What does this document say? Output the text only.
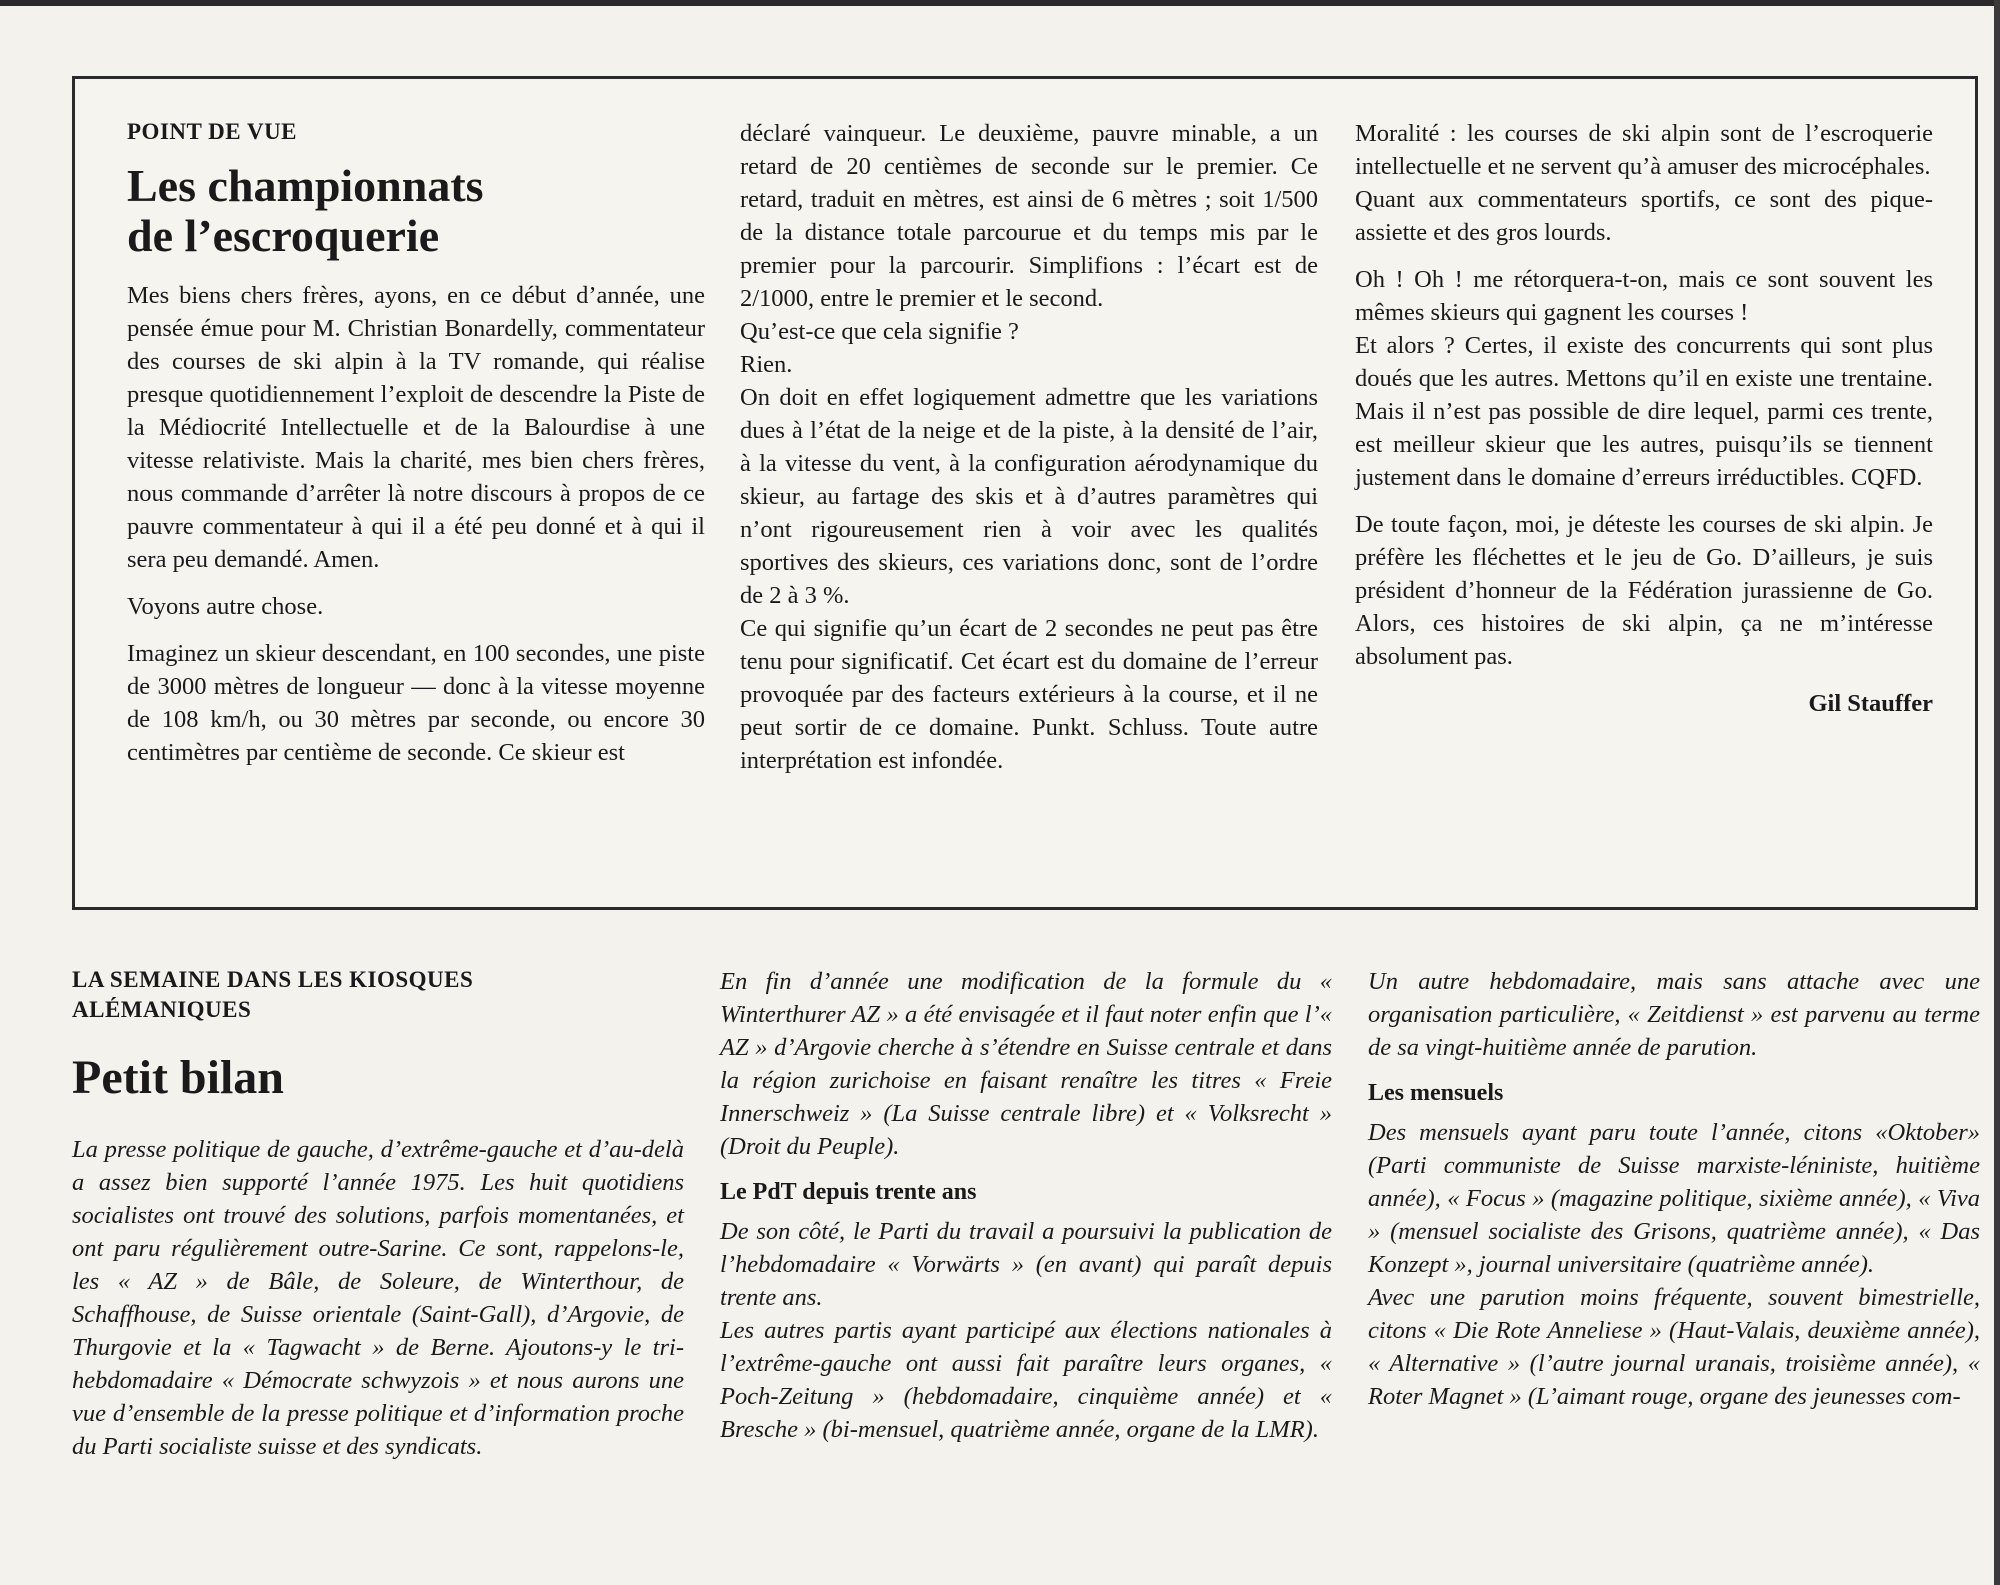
POINT DE VUE

Les championnats
de l’escroquerie

Mes biens chers frères, ayons, en ce début d’année, une pensée émue pour M. Christian Bonardelly, commentateur des courses de ski alpin à la TV romande, qui réalise presque quotidiennement l’exploit de descendre la Piste de la Médiocrité Intellectuelle et de la Balourdise à une vitesse relativiste. Mais la charité, mes bien chers frères, nous commande d’arrêter là notre discours à propos de ce pauvre commentateur à qui il a été peu donné et à qui il sera peu demandé. Amen.

Voyons autre chose.

Imaginez un skieur descendant, en 100 secondes, une piste de 3000 mètres de longueur — donc à la vitesse moyenne de 108 km/h, ou 30 mètres par seconde, ou encore 30 centimètres par centième de seconde. Ce skieur est

déclaré vainqueur. Le deuxième, pauvre minable, a un retard de 20 centièmes de seconde sur le premier. Ce retard, traduit en mètres, est ainsi de 6 mètres ; soit 1/500 de la distance totale parcourue et du temps mis par le premier pour la parcourir. Simplifions : l’écart est de 2/1000, entre le premier et le second.

Qu’est-ce que cela signifie ?

Rien.

On doit en effet logiquement admettre que les variations dues à l’état de la neige et de la piste, à la densité de l’air, à la vitesse du vent, à la configuration aérodynamique du skieur, au fartage des skis et à d’autres paramètres qui n’ont rigoureusement rien à voir avec les qualités sportives des skieurs, ces variations donc, sont de l’ordre de 2 à 3 %.

Ce qui signifie qu’un écart de 2 secondes ne peut pas être tenu pour significatif. Cet écart est du domaine de l’erreur provoquée par des facteurs extérieurs à la course, et il ne peut sortir de ce domaine. Punkt. Schluss. Toute autre interprétation est infondée.

Moralité : les courses de ski alpin sont de l’escroquerie intellectuelle et ne servent qu’à amuser des microcéphales.

Quant aux commentateurs sportifs, ce sont des pique-assiette et des gros lourds.

Oh ! Oh ! me rétorquera-t-on, mais ce sont souvent les mêmes skieurs qui gagnent les courses !

Et alors ? Certes, il existe des concurrents qui sont plus doués que les autres. Mettons qu’il en existe une trentaine. Mais il n’est pas possible de dire lequel, parmi ces trente, est meilleur skieur que les autres, puisqu’ils se tiennent justement dans le domaine d’erreurs irréductibles. CQFD.

De toute façon, moi, je déteste les courses de ski alpin. Je préfère les fléchettes et le jeu de Go. D’ailleurs, je suis président d’honneur de la Fédération jurassienne de Go. Alors, ces histoires de ski alpin, ça ne m’intéresse absolument pas.

Gil Stauffer

LA SEMAINE DANS LES KIOSQUES
ALÉMANIQUES
Petit bilan

La presse politique de gauche, d’extrême-gauche et d’au-delà a assez bien supporté l’année 1975. Les huit quotidiens socialistes ont trouvé des solutions, parfois momentanées, et ont paru régulièrement outre-Sarine. Ce sont, rappelons-le, les « AZ » de Bâle, de Soleure, de Winterthour, de Schaffhouse, de Suisse orientale (Saint-Gall), d’Argovie, de Thurgovie et la « Tagwacht » de Berne. Ajoutons-y le tri-hebdomadaire « Démocrate schwyzois » et nous aurons une vue d’ensemble de la presse politique et d’information proche du Parti socialiste suisse et des syndicats.

En fin d’année une modification de la formule du « Winterthurer AZ » a été envisagée et il faut noter enfin que l’« AZ » d’Argovie cherche à s’étendre en Suisse centrale et dans la région zurichoise en faisant renaître les titres « Freie Innerschweiz » (La Suisse centrale libre) et « Volksrecht » (Droit du Peuple).

Le PdT depuis trente ans

De son côté, le Parti du travail a poursuivi la publication de l’hebdomadaire « Vorwärts » (en avant) qui paraît depuis trente ans.

Les autres partis ayant participé aux élections nationales à l’extrême-gauche ont aussi fait paraître leurs organes, « Poch-Zeitung » (hebdomadaire, cinquième année) et « Bresche » (bi-mensuel, quatrième année, organe de la LMR).

Un autre hebdomadaire, mais sans attache avec une organisation particulière, « Zeitdienst » est parvenu au terme de sa vingt-huitième année de parution.

Les mensuels

Des mensuels ayant paru toute l’année, citons «Oktober» (Parti communiste de Suisse marxiste-léniniste, huitième année), « Focus » (magazine politique, sixième année), « Viva » (mensuel socialiste des Grisons, quatrième année), « Das Konzept », journal universitaire (quatrième année).

Avec une parution moins fréquente, souvent bimestrielle, citons « Die Rote Anneliese » (Haut-Valais, deuxième année), « Alternative » (l’autre journal uranais, troisième année), « Roter Magnet » (L’aimant rouge, organe des jeunesses com-
